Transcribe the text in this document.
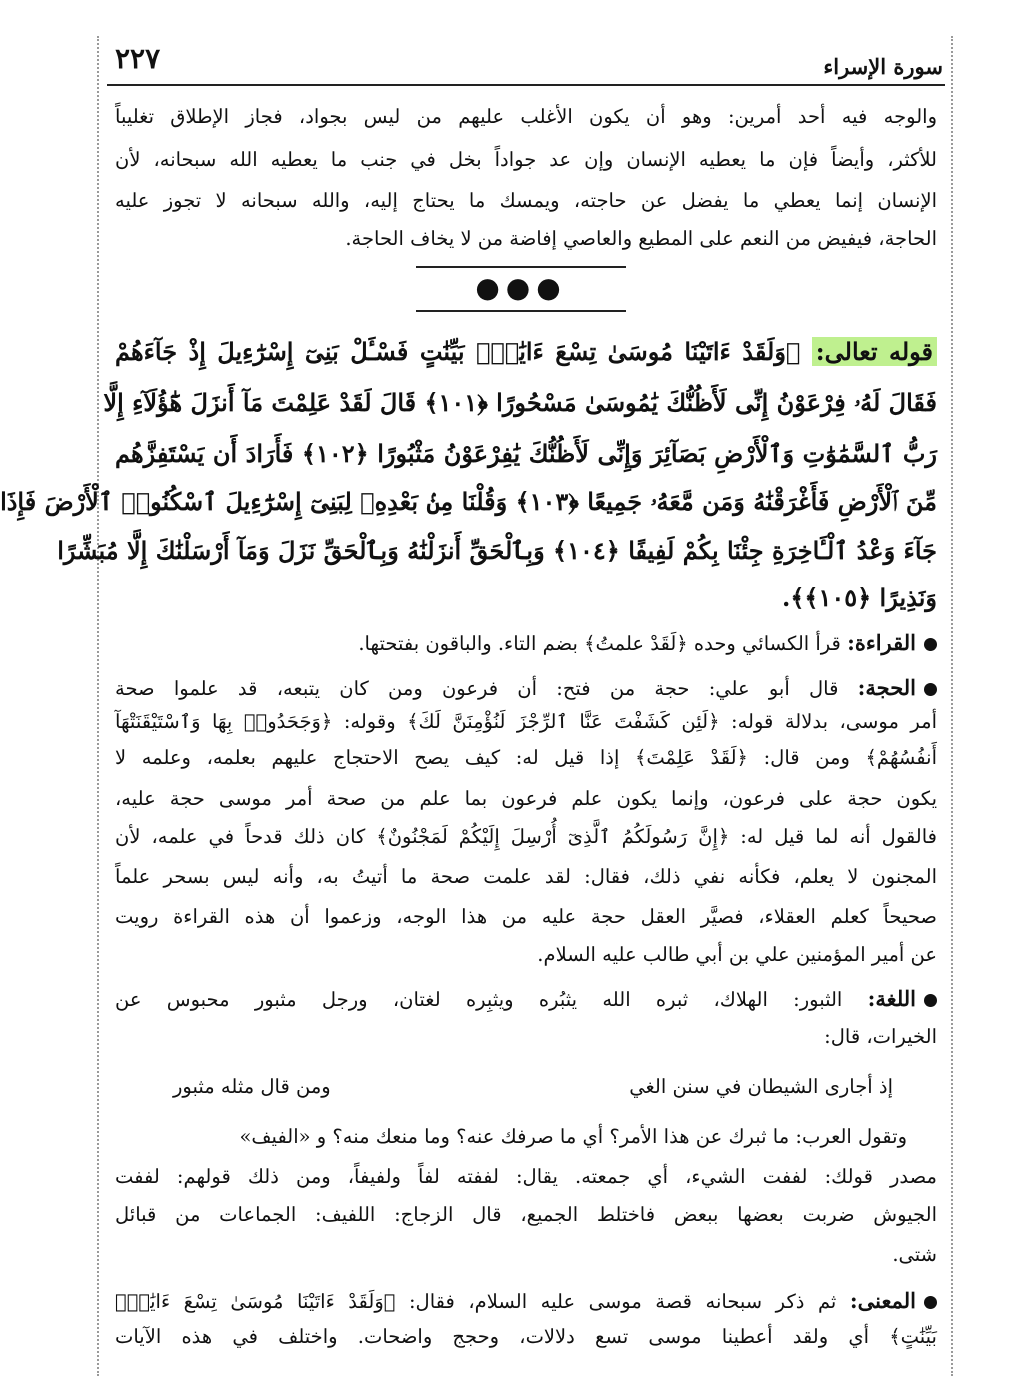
٢٢٧	سورة الإسراء
والوجه فيه أحد أمرين: وهو أن يكون الأغلب عليهم من ليس بجواد، فجاز الإطلاق تغليباً
للأكثر، وأيضاً فإن ما يعطيه الإنسان وإن عد جواداً بخل في جنب ما يعطيه الله سبحانه، لأن
الإنسان إنما يعطي ما يفضل عن حاجته، ويمسك ما يحتاج إليه، والله سبحانه لا تجوز عليه
الحاجة، فيفيض من النعم على المطيع والعاصي إفاضة من لا يخاف الحاجة.
●●●
قوله تعالى: ﴿وَلَقَدْ ءَاتَيْنَا مُوسَىٰ تِسْعَ ءَايَٰتٍۭ بَيِّنَٰتٍ فَسْـَٔلْ بَنِىٓ إِسْرَٰٓءِيلَ إِذْ جَآءَهُمْ
فَقَالَ لَهُۥ فِرْعَوْنُ إِنِّى لَأَظُنُّكَ يَٰمُوسَىٰ مَسْحُورًا ﴿١٠١﴾ قَالَ لَقَدْ عَلِمْتَ مَآ أَنزَلَ هَٰٓؤُلَآءِ إِلَّا
رَبُّ ٱلسَّمَٰوَٰتِ وَٱلْأَرْضِ بَصَآئِرَ وَإِنِّى لَأَظُنُّكَ يَٰفِرْعَوْنُ مَثْبُورًا ﴿١٠٢﴾ فَأَرَادَ أَن يَسْتَفِزَّهُم
مِّنَ ٱلْأَرْضِ فَأَغْرَقْنَٰهُ وَمَن مَّعَهُۥ جَمِيعًا ﴿١٠٣﴾ وَقُلْنَا مِنۢ بَعْدِهِۦ لِبَنِىٓ إِسْرَٰٓءِيلَ ٱسْكُنُوا۟ ٱلْأَرْضَ فَإِذَا
جَآءَ وَعْدُ ٱلْـَٔاخِرَةِ جِئْنَا بِكُمْ لَفِيفًا ﴿١٠٤﴾ وَبِٱلْحَقِّ أَنزَلْنَٰهُ وَبِٱلْحَقِّ نَزَلَ وَمَآ أَرْسَلْنَٰكَ إِلَّا مُبَشِّرًا
وَنَذِيرًا ﴿١٠٥﴾﴾.
القراءة: قرأ الكسائي وحده ﴿لَقَدْ علمتُ﴾ بضم التاء. والباقون بفتحتها.
الحجة: قال أبو علي: حجة من فتح: أن فرعون ومن كان يتبعه، قد علموا صحة
أمر موسى، بدلالة قوله: ﴿لَئِن كَشَفْتَ عَنَّا ٱلرِّجْزَ لَنُؤْمِنَنَّ لَكَ﴾ وقوله: ﴿وَجَحَدُوا۟ بِهَا وَٱسْتَيْقَنَتْهَآ
أَنفُسُهُمْ﴾ ومن قال: ﴿لَقَدْ عَلِمْتَ﴾ إذا قيل له: كيف يصح الاحتجاج عليهم بعلمه، وعلمه لا
يكون حجة على فرعون، وإنما يكون علم فرعون بما علم من صحة أمر موسى حجة عليه،
فالقول أنه لما قيل له: ﴿إِنَّ رَسُولَكُمُ ٱلَّذِىٓ أُرْسِلَ إِلَيْكُمْ لَمَجْنُونٌ﴾ كان ذلك قدحاً في علمه، لأن
المجنون لا يعلم، فكأنه نفي ذلك، فقال: لقد علمت صحة ما أتيتُ به، وأنه ليس بسحر علماً
صحيحاً كعلم العقلاء، فصيَّر العقل حجة عليه من هذا الوجه، وزعموا أن هذه القراءة رويت
عن أمير المؤمنين علي بن أبي طالب عليه السلام.
اللغة: الثبور: الهلاك، ثبره الله يثبُره ويثبِره لغتان، ورجل مثبور محبوس عن
الخيرات، قال:
إذ أجارى الشيطان في سنن الغي
ومن قال مثله مثبور
وتقول العرب: ما ثبرك عن هذا الأمر؟ أي ما صرفك عنه؟ وما منعك منه؟ و «الفيف»
مصدر قولك: لففت الشيء، أي جمعته. يقال: لففته لفاً ولفيفاً، ومن ذلك قولهم: لففت
الجيوش ضربت بعضها ببعض فاختلط الجميع، قال الزجاج: اللفيف: الجماعات من قبائل
شتى.
المعنى: ثم ذكر سبحانه قصة موسى عليه السلام، فقال: ﴿وَلَقَدْ ءَاتَيْنَا مُوسَىٰ تِسْعَ ءَايَٰتٍۭ
بَيِّنَٰتٍ﴾ أي ولقد أعطينا موسى تسع دلالات، وحجج واضحات. واختلف في هذه الآيات
